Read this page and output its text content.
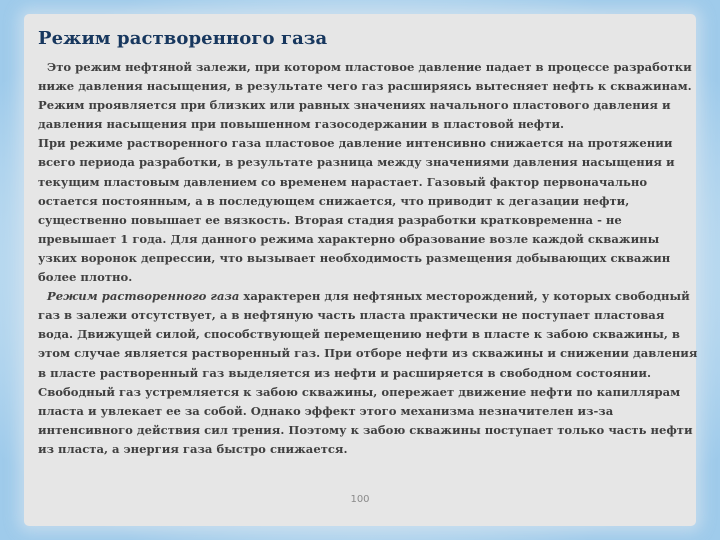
Режим растворенного газа

Это режим нефтяной залежи, при котором пластовое давление падает в процессе разработки ниже давления насыщения, в результате чего газ расширяясь вытесняет нефть к скважинам. Режим проявляется при близких или равных значениях начального пластового давления и давления насыщения при повышенном газосодержании в пластовой нефти.

При режиме растворенного газа пластовое давление интенсивно снижается на протяжении всего периода разработки, в результате разница между значениями давления насыщения и текущим пластовым давлением со временем нарастает. Газовый фактор первоначально остается постоянным, а в последующем снижается, что приводит к дегазации нефти, существенно повышает ее вязкость. Вторая стадия разработки кратковременна - не превышает 1 года. Для данного режима характерно образование возле каждой скважины узких воронок депрессии, что вызывает необходимость размещения добывающих скважин более плотно.

Режим растворенного газа характерен для нефтяных месторождений, у которых свободный газ в залежи отсутствует, а в нефтяную часть пласта практически не поступает пластовая вода. Движущей силой, способствующей перемещению нефти в пласте к забою скважины, в этом случае является растворенный газ. При отборе нефти из скважины и снижении давления в пласте растворенный газ выделяется из нефти и расширяется в свободном состоянии. Свободный газ устремляется к забою скважины, опережает движение нефти по капиллярам пласта и увлекает ее за собой. Однако эффект этого механизма незначителен из-за интенсивного действия сил трения. Поэтому к забою скважины поступает только часть нефти из пласта, а энергия газа быстро снижается.

100
